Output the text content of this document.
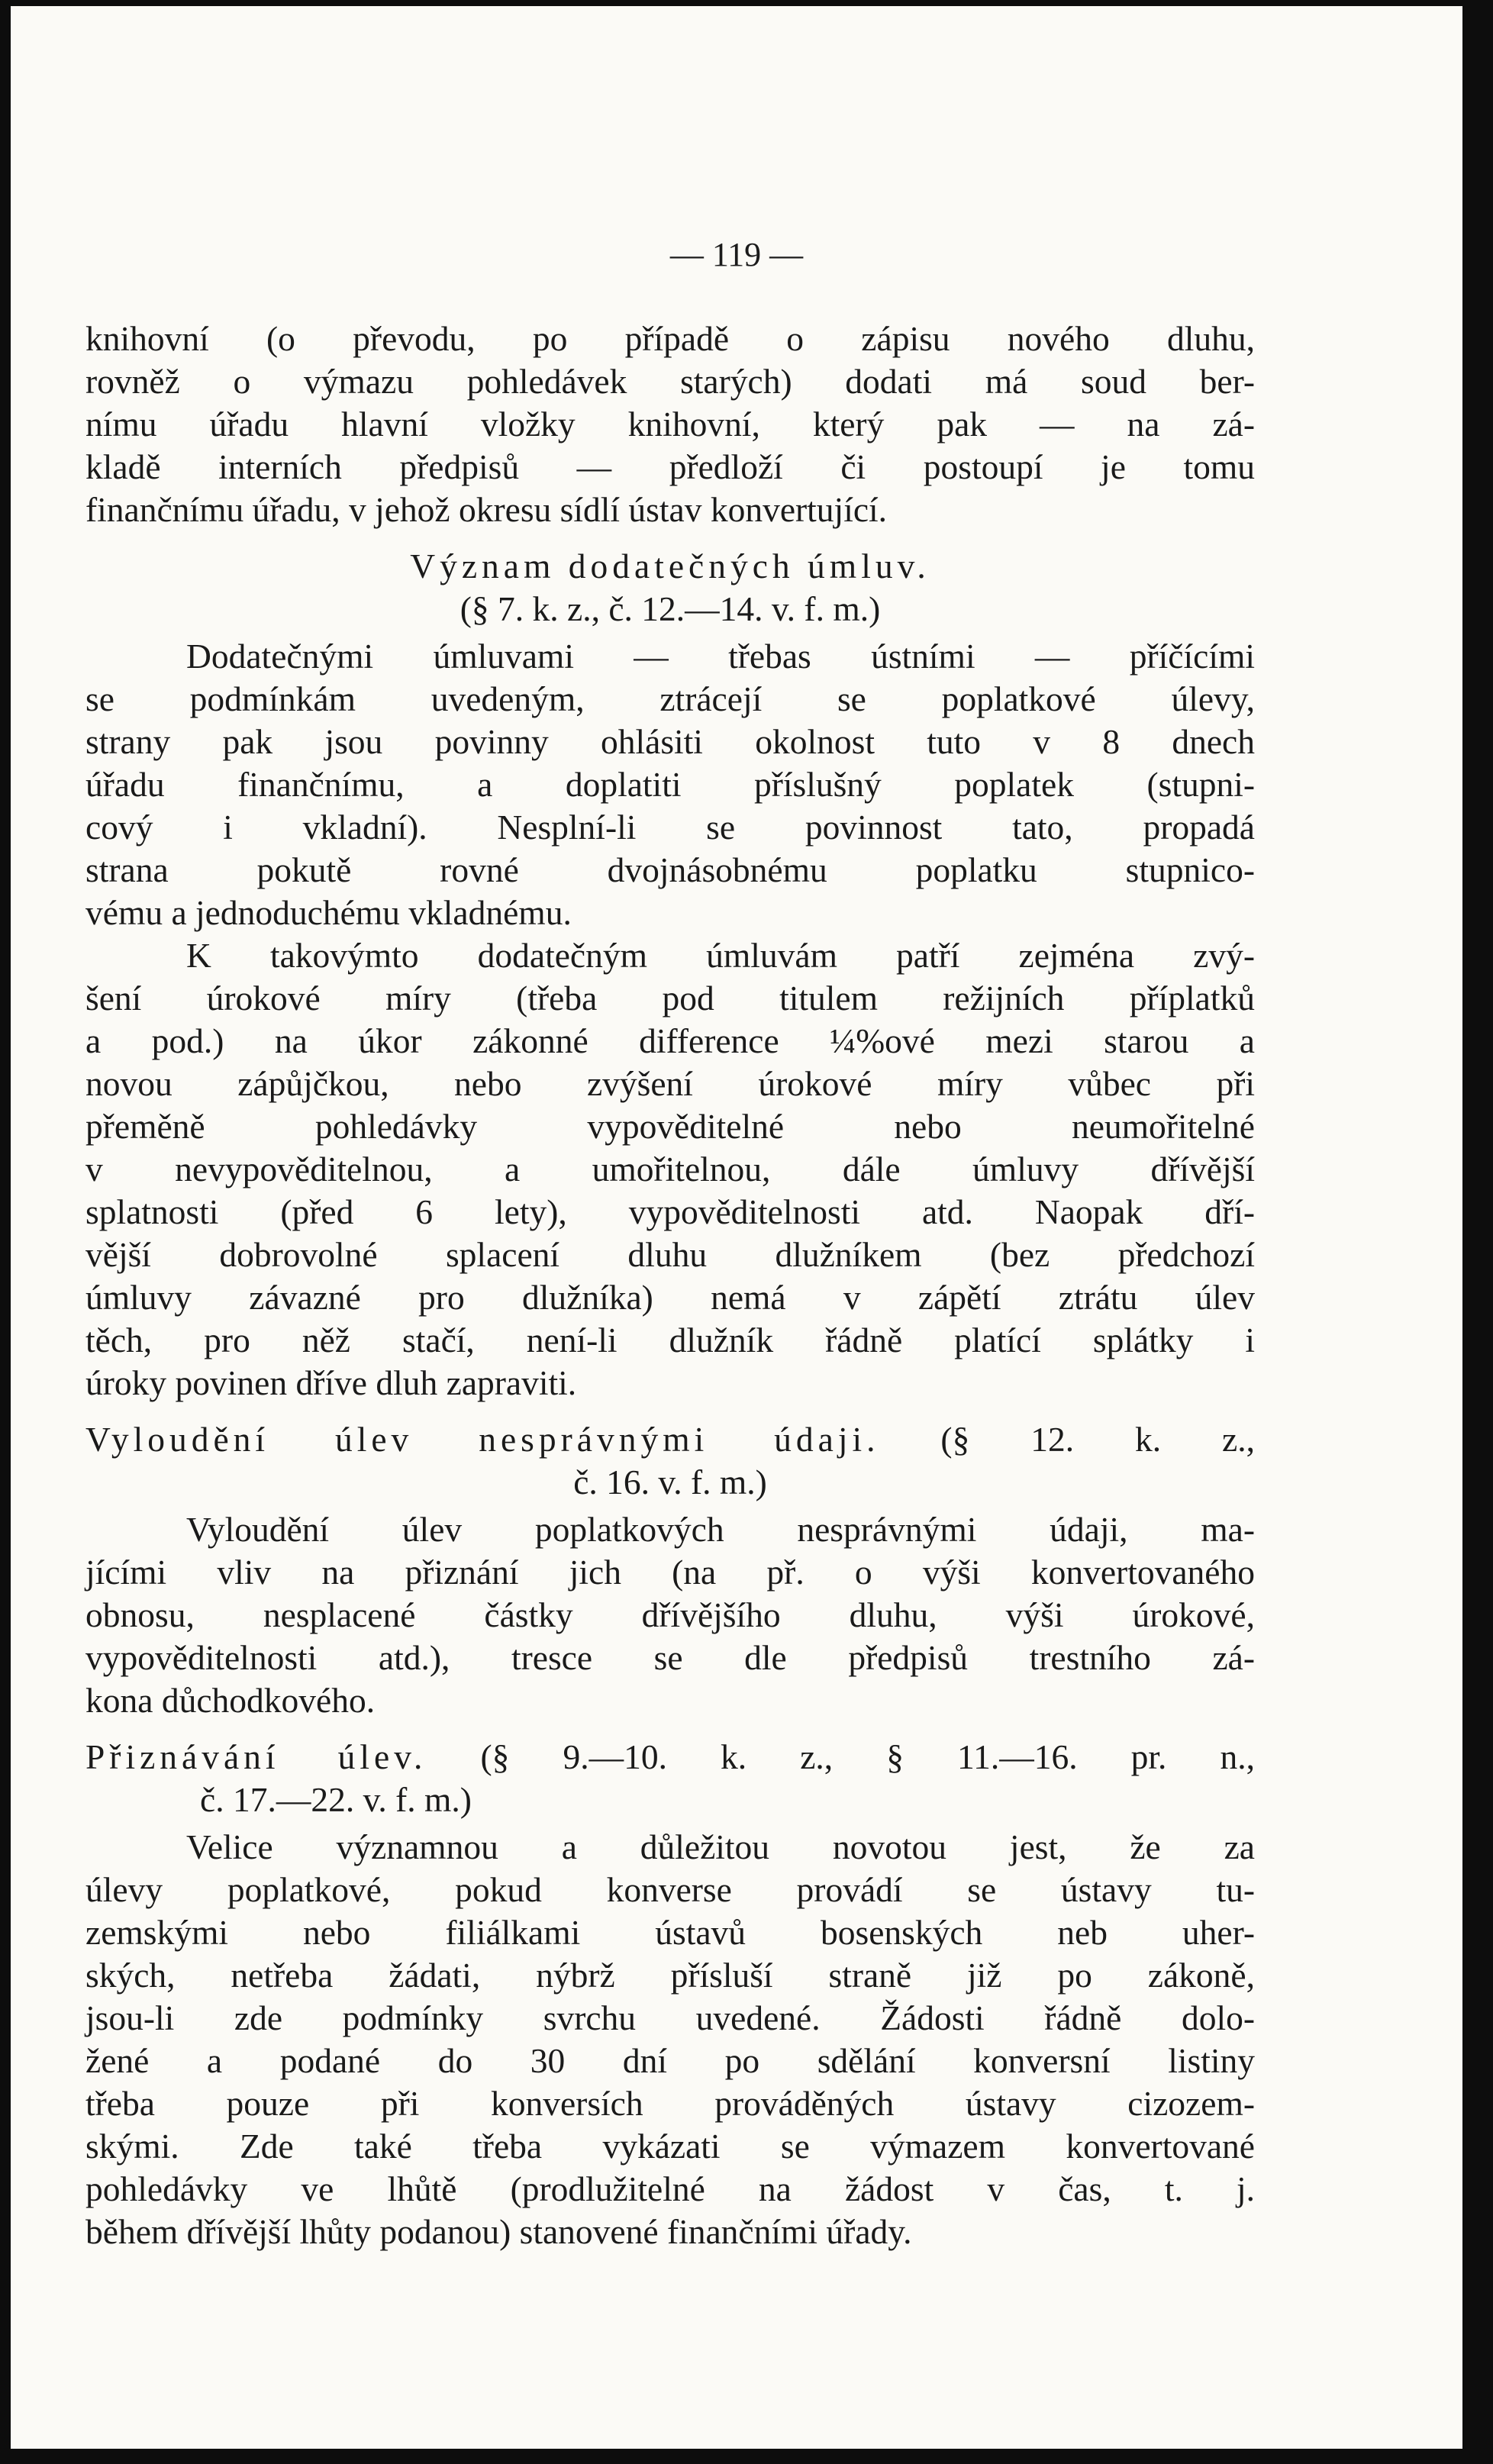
— 119 —
knihovní (o převodu, po případě o zápisu nového dluhu,
rovněž o výmazu pohledávek starých) dodati má soud ber-
nímu úřadu hlavní vložky knihovní, který pak — na zá-
kladě interních předpisů — předloží či postoupí je tomu
finančnímu úřadu, v jehož okresu sídlí ústav konvertující.
Význam dodatečných úmluv.
(§ 7. k. z., č. 12.—14. v. f. m.)
Dodatečnými úmluvami — třebas ústními — příčícími
se podmínkám uvedeným, ztrácejí se poplatkové úlevy,
strany pak jsou povinny ohlásiti okolnost tuto v 8 dnech
úřadu finančnímu, a doplatiti příslušný poplatek (stupni-
cový i vkladní). Nesplní-li se povinnost tato, propadá
strana pokutě rovné dvojnásobnému poplatku stupnico-
vému a jednoduchému vkladnému.
K takovýmto dodatečným úmluvám patří zejména zvý-
šení úrokové míry (třeba pod titulem režijních příplatků
a pod.) na úkor zákonné difference ¼%ové mezi starou a
novou zápůjčkou, nebo zvýšení úrokové míry vůbec při
přeměně pohledávky vypověditelné nebo neumořitelné
v nevypověditelnou, a umořitelnou, dále úmluvy dřívější
splatnosti (před 6 lety), vypověditelnosti atd. Naopak dří-
vější dobrovolné splacení dluhu dlužníkem (bez předchozí
úmluvy závazné pro dlužníka) nemá v zápětí ztrátu úlev
těch, pro něž stačí, není-li dlužník řádně platící splátky i
úroky povinen dříve dluh zapraviti.
Vyloudění úlev nesprávnými údaji. (§ 12. k. z.,
č. 16. v. f. m.)
Vyloudění úlev poplatkových nesprávnými údaji, ma-
jícími vliv na přiznání jich (na př. o výši konvertovaného
obnosu, nesplacené částky dřívějšího dluhu, výši úrokové,
vypověditelnosti atd.), tresce se dle předpisů trestního zá-
kona důchodkového.
Přiznávání úlev. (§ 9.—10. k. z., § 11.—16. pr. n.,
č. 17.—22. v. f. m.)
Velice významnou a důležitou novotou jest, že za
úlevy poplatkové, pokud konverse provádí se ústavy tu-
zemskými nebo filiálkami ústavů bosenských neb uher-
ských, netřeba žádati, nýbrž přísluší straně již po zákoně,
jsou-li zde podmínky svrchu uvedené. Žádosti řádně dolo-
žené a podané do 30 dní po sdělání konversní listiny
třeba pouze při konversích prováděných ústavy cizozem-
skými. Zde také třeba vykázati se výmazem konvertované
pohledávky ve lhůtě (prodlužitelné na žádost v čas, t. j.
během dřívější lhůty podanou) stanovené finančními úřady.
